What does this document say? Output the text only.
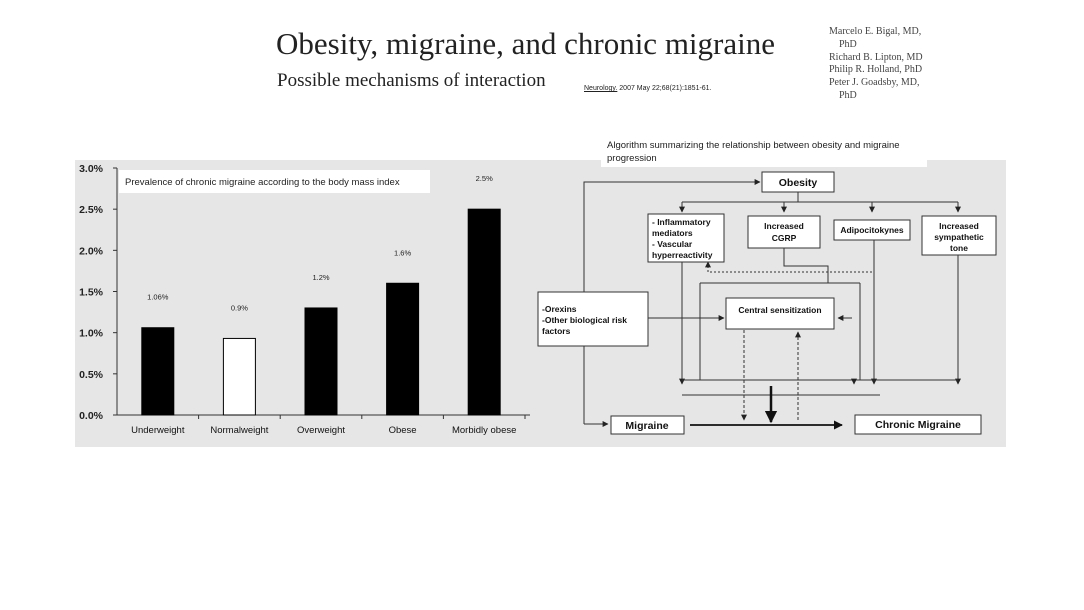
Obesity, migraine, and chronic migraine
Possible mechanisms of interaction	Neurology. 2007 May 22;68(21):1851-61.
Marcelo E. Bigal, MD,
PhD
Richard B. Lipton, MD
Philip R. Holland, PhD
Peter J. Goadsby, MD,
PhD
Algorithm summarizing the relationship between obesity and migraine progression
Prevalence of chronic migraine according to the body mass index
0.0%
0.5%
1.0%
1.5%
2.0%
2.5%
3.0%
1.06%
Underweight
0.9%
Normalweight
1.2%
Overweight
1.6%
Obese
2.5%
Morbidly obese
Obesity
- Inflammatory
mediators
- Vascular
hyperreactivity
Increased
CGRP
Adipocitokynes	Increased
sympathetic
tone
-Orexins
-Other biological risk
factors
Central sensitization
Migraine	Chronic Migraine
